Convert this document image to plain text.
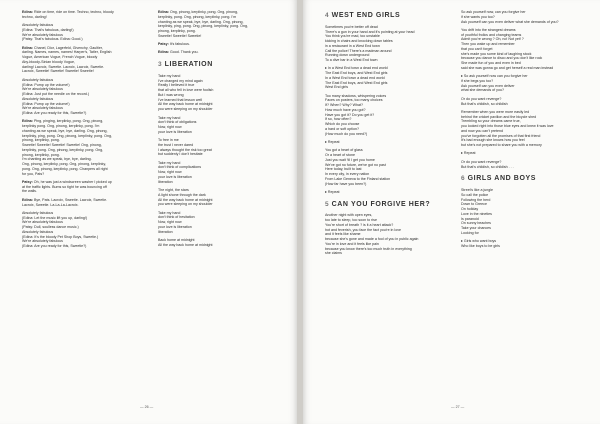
Edina: Ride on time, ride on time. Techno, techno, bloody
techno, darling!
Absolutely fabulous
(Edina: That's fabulous, darling!)
We're absolutely fabulous
(Patsy: That's fabulous. Edina: Good.)
Edina: Chanel, Dior, Lagerfeld, Givenchy, Gaultier,
darling. Names, names, names! Harper's, Tatler, English
Vogue, American Vogue, French Vogue, bloody
Aby-bloody-Sinian bloody Vogue,
darling! Lacroix, Sweetie. Lacroix, Lacroix, Sweetie.
Lacroix, Sweetie! Sweetie! Sweetie! Sweetie!
Absolutely fabulous
(Edina: Pump up the volume!)
We're absolutely fabulous
(Edina: Just put the needle on the record.)
Absolutely fabulous
(Edina: Pump up the volume!)
We're absolutely fabulous
(Edina: Are you ready for this, Sweetie?)
Edina: Ping, pinging, kerplinky, pong. Ong, pinong,
kerplinky pong. Ong, pinong, kerplinky, pong. I'm
chanting as we speak, bye, bye, darling. Ong, pinong,
kerplinky, ping, pong. Ong, pinong, kerplinky, pong. Ong,
pinong, kerplinky, pong.
Sweetie! Sweetie! Sweetie! Sweetie! Ong, pinong,
kerplinky, pong. Ong, pinong, kerplinky, pong. Ong,
pinong, kerplinky, pong.
I'm chanting as we speak, bye, bye, darling.
Ong, pinong, kerplinky, pong. Ong, pinong, kerplinky,
pong. Ong, pinong, kerplinky, pong. Chanpers all right
for you, Pats?
Patsy: Oh, he was just a windscreen washer I picked up
at the traffic lights. Bums so tight he was bouncing off
the walls.
Edina: Bye, Pats. Lacroix, Sweetie. Lacroix, Sweetie.
Lacroix, Sweetie. La-La-La-Lacroix.
Absolutely fabulous
(Edina: Let the music lift you up, darling!)
We're absolutely fabulous
(Patsy: Dull, soulless dance music.)
Absolutely fabulous
(Edina: It's the bloody Pet Shop Boys, Sweetie.)
We're absolutely fabulous
(Edina: Are you ready for this, Sweetie?)
Edina: Ong, pinong, kerplinky, pong. Ong, pinong,
kerplinky, pong. Ong, pinong, kerplinky, pong. I'm
chanting as we speak, bye, bye, darling. Ong, pinong,
kerplinky, ping, pong. Ong, pinong, kerplinky, pong. Ong,
pinong, kerplinky, pong.
Sweetie! Sweetie! Sweetie!
Patsy: It's fabulous.
Edina: Good. Thank you.
3 LIBERATION
Take my hand
I've changed my mind again
Really I believed it true
that all who fell in love were foolish
But I was wrong
I've learned that lesson well
All the way back home at midnight
you were sleeping on my shoulder
Take my hand
don't think of obligations
Now, right now
your love is liberation
To free in me
the trust I never dared
I always thought the risk too great
but suddenly I don't hesitate
Take my hand
don't think of complications
Now, right now
your love is liberation
liberation
The night, the stars
A light shone through the dark
All the way back home at midnight
you were sleeping on my shoulder
Take my hand
don't think of hesitation
Now, right now
your love is liberation
liberation
Back home at midnight
All the way back home at midnight
— 26 —
4 WEST END GIRLS
Sometimes you're better off dead
There's a gun in your hand and it's pointing at your head
You think you're mad, too unstable
kicking in chairs and knocking down tables
in a restaurant in a West End town
Call the police! There's a madman around
Running down underground
To a dive bar in a West End town
▸ In a West End town a dead end world
The East End boys, and West End girls
In a West End town a dead end world
The East End boys, and West End girls
West End girls
Too many shadows, whispering voices
Faces on posters, too many choices
If? When? Why? What?
How much have you got?
Have you got it? Do you get it?
If so, how often?
Which do you choose
a hard or soft option?
(How much do you need?)
▸ Repeat
You got a heart of glass
Or a heart of stone
Just you wait 'til I get you home
We've got no future, we've got no past
Here today, built to last
In every city, in every nation
From Lake Geneva to the Finland station
(How far have you been?)
▸ Repeat
5 CAN YOU FORGIVE HER?
Another night with open eyes,
too late to sleep, too soon to rise
You're short of breath ? is it a heart attack?
hot and feverish, you face the fact you're in love
and it feels like shame
because she's gone and made a fool of you in public again
You're in love and it feels like pain
because you know there's too much truth in everything
she claims
So ask yourself now, can you forgive her
if she wants you too?
Ask yourself can you even deliver what she demands of you?
You drift into the strangest dreams
of youthful frolics and changing teams
Admit you're wrong ? Oh, no! Not yet! ?
Then you wake up and remember
that you can't forget
she's made you some kind of laughing stock
because you dance to disco and you don't like rock
She made fun of you and even in bed
said she was gonna go and get herself a real man instead
▸ So ask yourself now can you forgive her
if she begs you too?
Ask yourself can you even deliver
what she demands of you?
Or do you want revenge?
But that's childish, so childish
Remember when you were more easily led
behind the cricket pavilion and the bicycle shed
Trembling so your dreams came true,
you looked right into those blue eyes and knew it was love
and now you can't pretend
you've forgotten all the promises of that first friend
It's bad enough she knows how you feel
but she's not prepared to share you with a memory
▸ Repeat
Or do you want revenge?
But that's childish, so childish . . .
6 GIRLS AND BOYS
Street's like a jungle
So call the police
Following the herd
Down to Greece
On holiday
Love in the nineties
Is paranoid
On sunny beaches
Take your chances
Looking for
▸ Girls who want boys
Who like boys to be girls
— 27 —
